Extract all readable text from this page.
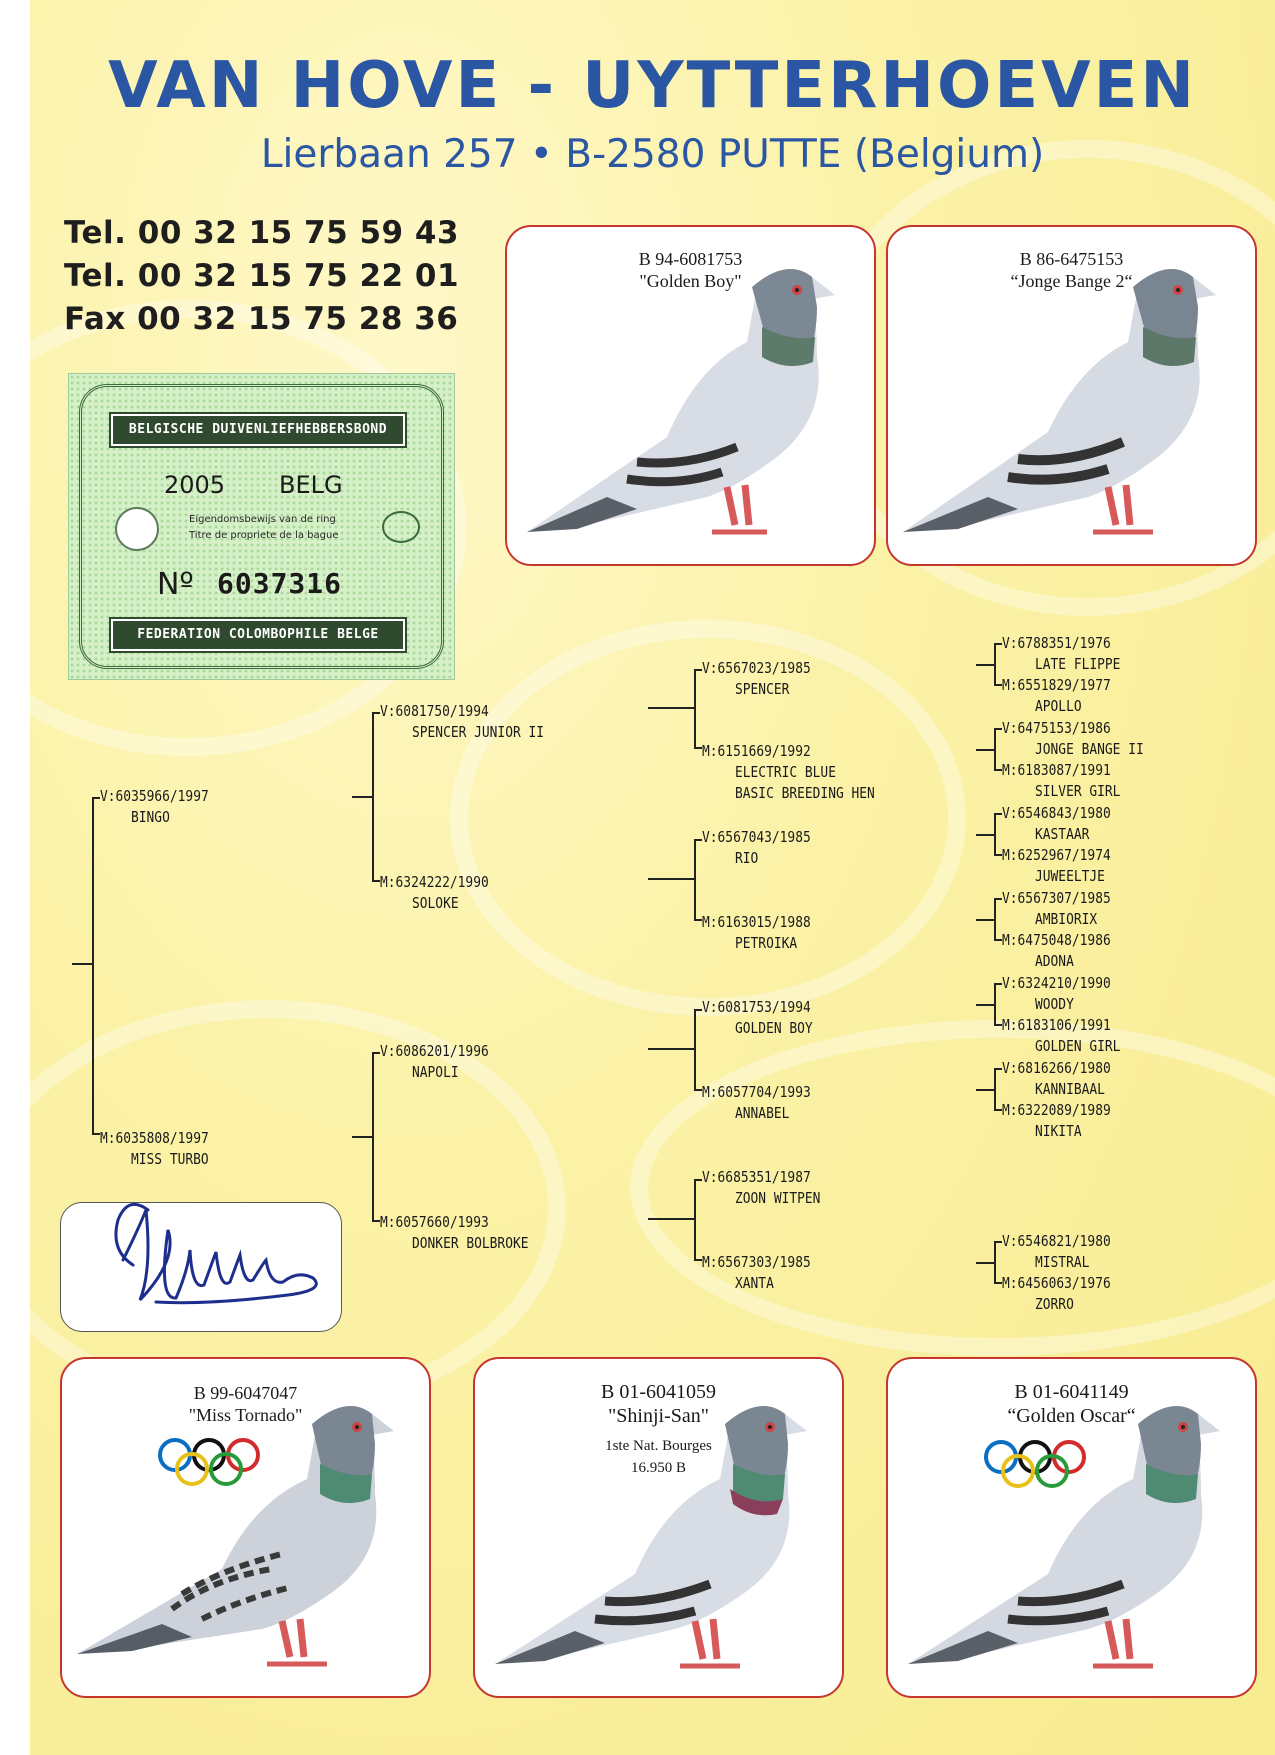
VAN HOVE - UYTTERHOEVEN
Lierbaan 257 • B-2580 PUTTE (Belgium)
Tel. 00 32 15 75 59 43
Tel. 00 32 15 75 22 01
Fax 00 32 15 75 28 36
BELGISCHE DUIVENLIEFHEBBERSBOND
2005 BELG
Eigendomsbewijs van de ring
Titre de propriete de la bague
Nº 6037316
FEDERATION COLOMBOPHILE BELGE
B 94-6081753
"Golden Boy"
B 86-6475153
“Jonge Bange 2“
B 99-6047047
"Miss Tornado"
B 01-6041059
"Shinji-San"
1ste Nat. Bourges
16.950 B
B 01-6041149
“Golden Oscar“
V:6035966/1997
BINGO
M:6035808/1997
MISS TURBO
V:6081750/1994
SPENCER JUNIOR II
M:6324222/1990
SOLOKE
V:6086201/1996
NAPOLI
M:6057660/1993
DONKER BOLBROKE
V:6567023/1985
SPENCER
M:6151669/1992
ELECTRIC BLUE
BASIC BREEDING HEN
V:6567043/1985
RIO
M:6163015/1988
PETROIKA
V:6081753/1994
GOLDEN BOY
M:6057704/1993
ANNABEL
V:6685351/1987
ZOON WITPEN
M:6567303/1985
XANTA
V:6788351/1976
LATE FLIPPE
M:6551829/1977
APOLLO
V:6475153/1986
JONGE BANGE II
M:6183087/1991
SILVER GIRL
V:6546843/1980
KASTAAR
M:6252967/1974
JUWEELTJE
V:6567307/1985
AMBIORIX
M:6475048/1986
ADONA
V:6324210/1990
WOODY
M:6183106/1991
GOLDEN GIRL
V:6816266/1980
KANNIBAAL
M:6322089/1989
NIKITA
V:6546821/1980
MISTRAL
M:6456063/1976
ZORRO
